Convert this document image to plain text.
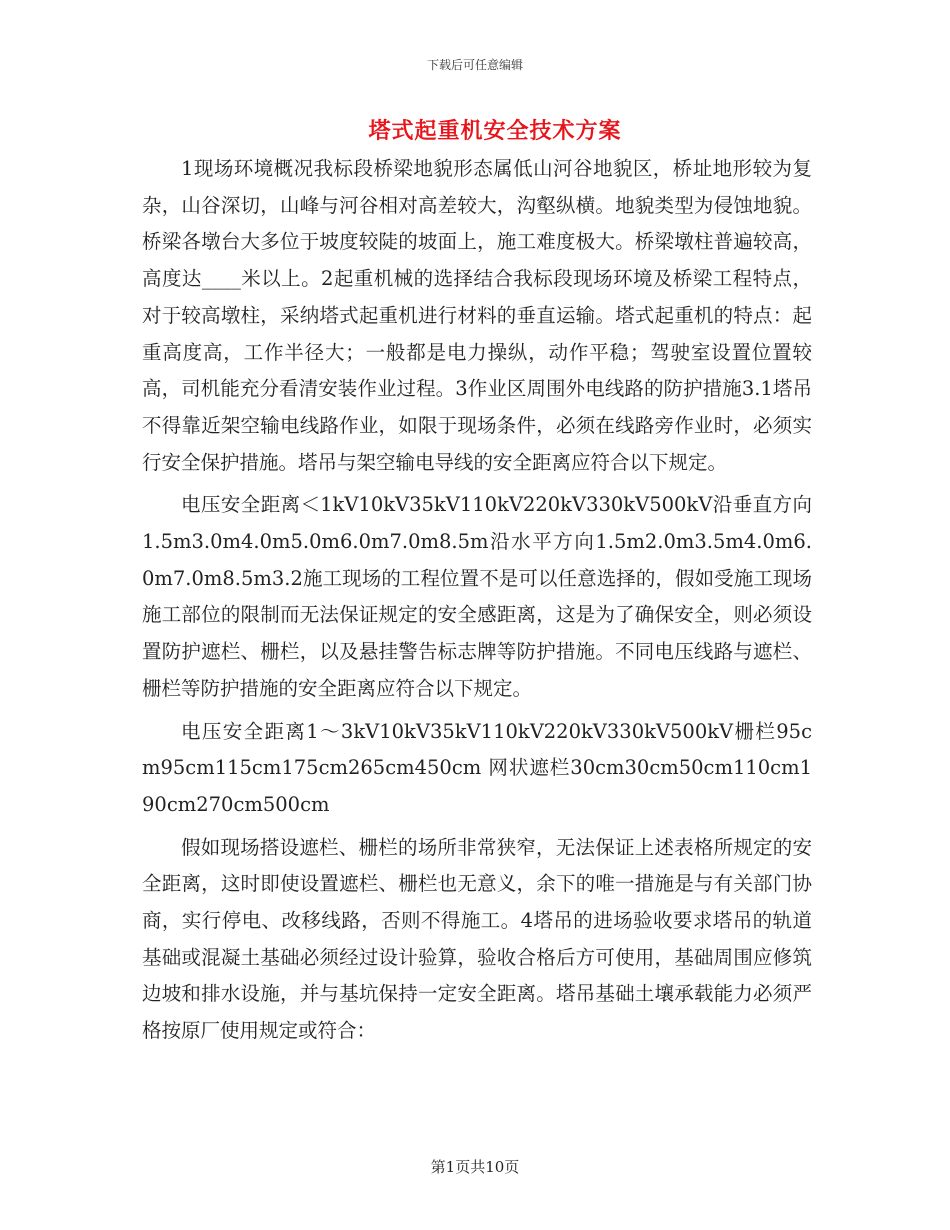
下载后可任意编辑
塔式起重机安全技术方案

1现场环境概况我标段桥梁地貌形态属低山河谷地貌区，桥址地形较为复杂，山谷深切，山峰与河谷相对高差较大，沟壑纵横。地貌类型为侵蚀地貌。桥梁各墩台大多位于坡度较陡的坡面上，施工难度极大。桥梁墩柱普遍较高，高度达____米以上。2起重机械的选择结合我标段现场环境及桥梁工程特点，对于较高墩柱，采纳塔式起重机进行材料的垂直运输。塔式起重机的特点：起重高度高，工作半径大；一般都是电力操纵，动作平稳；驾驶室设置位置较高，司机能充分看清安装作业过程。3作业区周围外电线路的防护措施3.1塔吊不得靠近架空输电线路作业，如限于现场条件，必须在线路旁作业时，必须实行安全保护措施。塔吊与架空输电导线的安全距离应符合以下规定。

电压安全距离＜1kV10kV35kV110kV220kV330kV500kV沿垂直方向1.5m3.0m4.0m5.0m6.0m7.0m8.5m沿水平方向1.5m2.0m3.5m4.0m6.0m7.0m8.5m3.2施工现场的工程位置不是可以任意选择的，假如受施工现场施工部位的限制而无法保证规定的安全感距离，这是为了确保安全，则必须设置防护遮栏、栅栏，以及悬挂警告标志牌等防护措施。不同电压线路与遮栏、栅栏等防护措施的安全距离应符合以下规定。

电压安全距离1～3kV10kV35kV110kV220kV330kV500kV栅栏95cm95cm115cm175cm265cm450cm 网状遮栏30cm30cm50cm110cm190cm270cm500cm

假如现场搭设遮栏、栅栏的场所非常狭窄，无法保证上述表格所规定的安全距离，这时即使设置遮栏、栅栏也无意义，余下的唯一措施是与有关部门协商，实行停电、改移线路，否则不得施工。4塔吊的进场验收要求塔吊的轨道基础或混凝土基础必须经过设计验算，验收合格后方可使用，基础周围应修筑边坡和排水设施，并与基坑保持一定安全距离。塔吊基础土壤承载能力必须严格按原厂使用规定或符合：

第1页共10页
